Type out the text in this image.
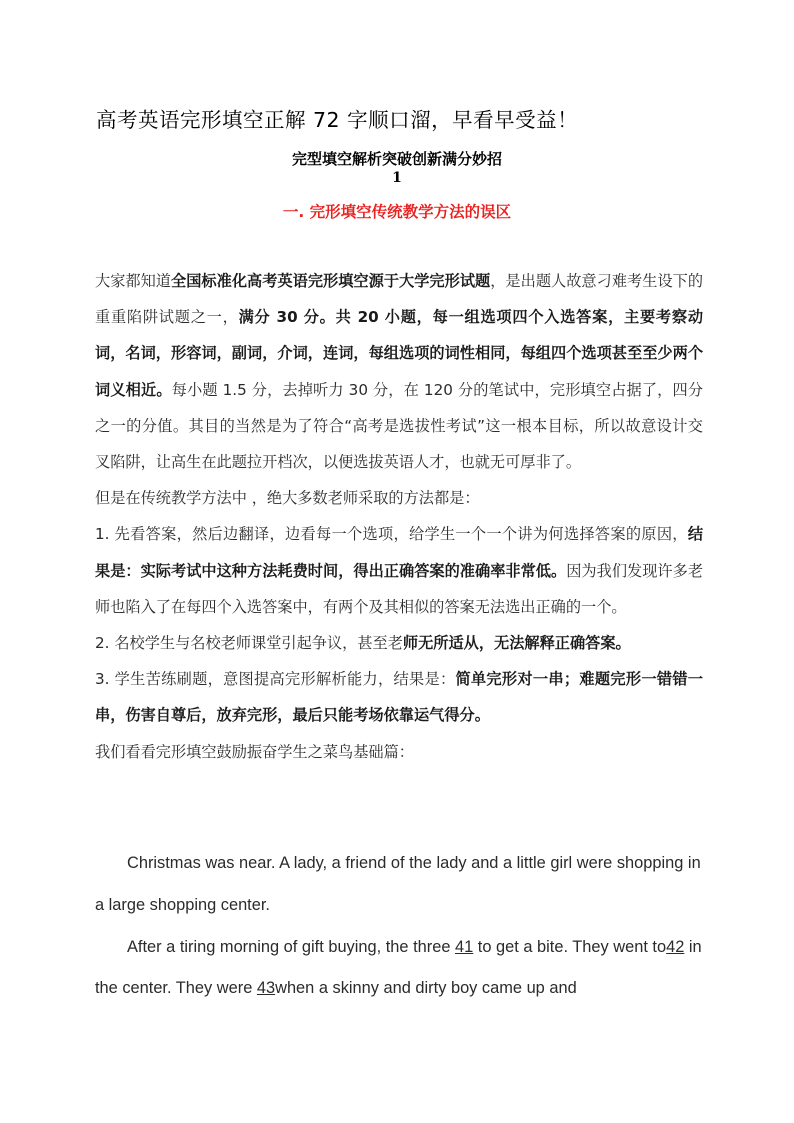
高考英语完形填空正解 72 字顺口溜，早看早受益！
完型填空解析突破创新满分妙招
1
一. 完形填空传统教学方法的误区

大家都知道全国标准化高考英语完形填空源于大学完形试题，是出题人故意刁难考生设下的重重陷阱试题之一，满分 30 分。共 20 小题，每一组选项四个入选答案，主要考察动词，名词，形容词，副词，介词，连词，每组选项的词性相同，每组四个选项甚至至少两个词义相近。每小题 1.5 分，去掉听力 30 分，在 120 分的笔试中，完形填空占据了，四分之一的分值。其目的当然是为了符合“高考是选拔性考试”这一根本目标，所以故意设计交叉陷阱，让高生在此题拉开档次，以便选拔英语人才，也就无可厚非了。

但是在传统教学方法中 ，绝大多数老师采取的方法都是：

1. 先看答案，然后边翻译，边看每一个选项，给学生一个一个讲为何选择答案的原因，结果是：实际考试中这种方法耗费时间，得出正确答案的准确率非常低。因为我们发现许多老师也陷入了在每四个入选答案中，有两个及其相似的答案无法选出正确的一个。

2. 名校学生与名校老师课堂引起争议，甚至老师无所适从，无法解释正确答案。

3. 学生苦练刷题，意图提高完形解析能力，结果是：简单完形对一串；难题完形一错错一串，伤害自尊后，放弃完形，最后只能考场依靠运气得分。

我们看看完形填空鼓励振奋学生之菜鸟基础篇：

Christmas was near. A lady, a friend of the lady and a little girl were shopping in a large shopping center.

After a tiring morning of gift buying, the three 41 to get a bite. They went to42 in the center. They were 43when a skinny and dirty boy came up and
